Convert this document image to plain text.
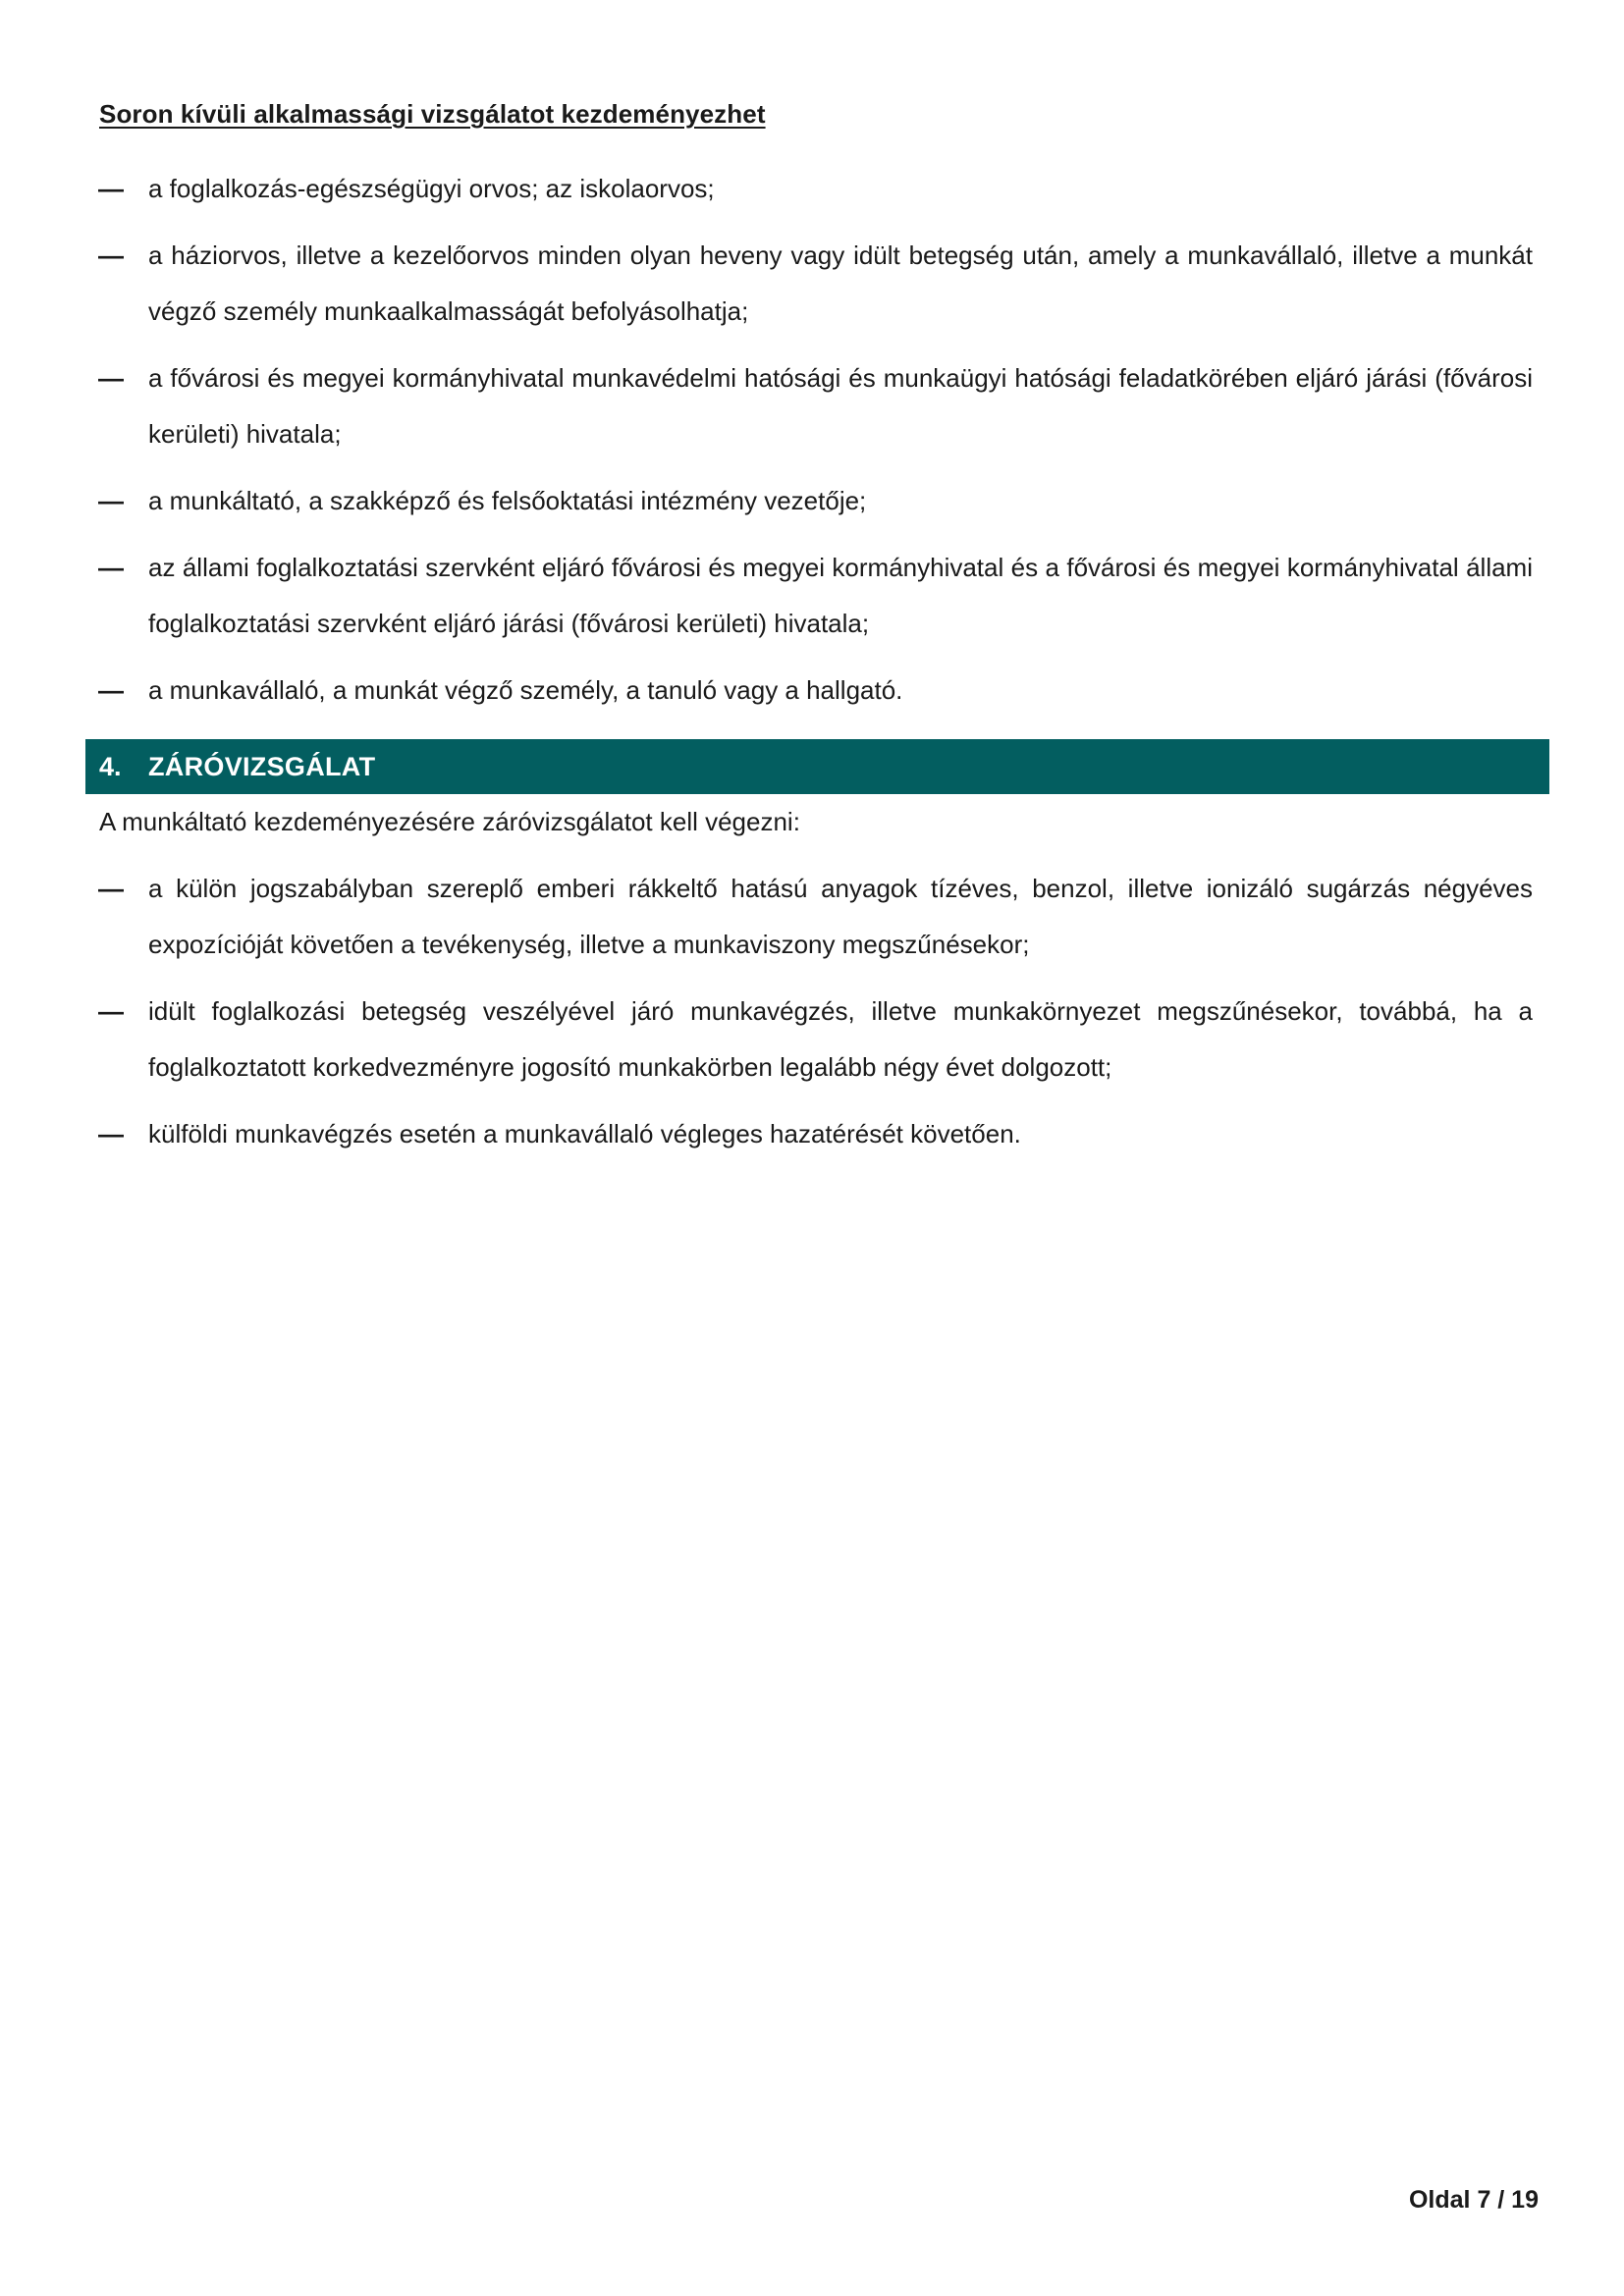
Soron kívüli alkalmassági vizsgálatot kezdeményezhet
— a foglalkozás-egészségügyi orvos; az iskolaorvos;
— a háziorvos, illetve a kezelőorvos minden olyan heveny vagy idült betegség után, amely a munkavállaló, illetve a munkát végző személy munkaalkalmasságát befolyásolhatja;
— a fővárosi és megyei kormányhivatal munkavédelmi hatósági és munkaügyi hatósági feladatkörében eljáró járási (fővárosi kerületi) hivatala;
— a munkáltató, a szakképző és felsőoktatási intézmény vezetője;
— az állami foglalkoztatási szervként eljáró fővárosi és megyei kormányhivatal és a fővárosi és megyei kormányhivatal állami foglalkoztatási szervként eljáró járási (fővárosi kerületi) hivatala;
— a munkavállaló, a munkát végző személy, a tanuló vagy a hallgató.
4.	ZÁRÓVIZSGÁLAT
A munkáltató kezdeményezésére záróvizsgálatot kell végezni:
— a külön jogszabályban szereplő emberi rákkeltő hatású anyagok tízéves, benzol, illetve ionizáló sugárzás négyéves expozícióját követően a tevékenység, illetve a munkaviszony megszűnésekor;
— idült foglalkozási betegség veszélyével járó munkavégzés, illetve munkakörnyezet megszűnésekor, továbbá, ha a foglalkoztatott korkedvezményre jogosító munkakörben legalább négy évet dolgozott;
— külföldi munkavégzés esetén a munkavállaló végleges hazatérését követően.
Oldal 7 / 19
